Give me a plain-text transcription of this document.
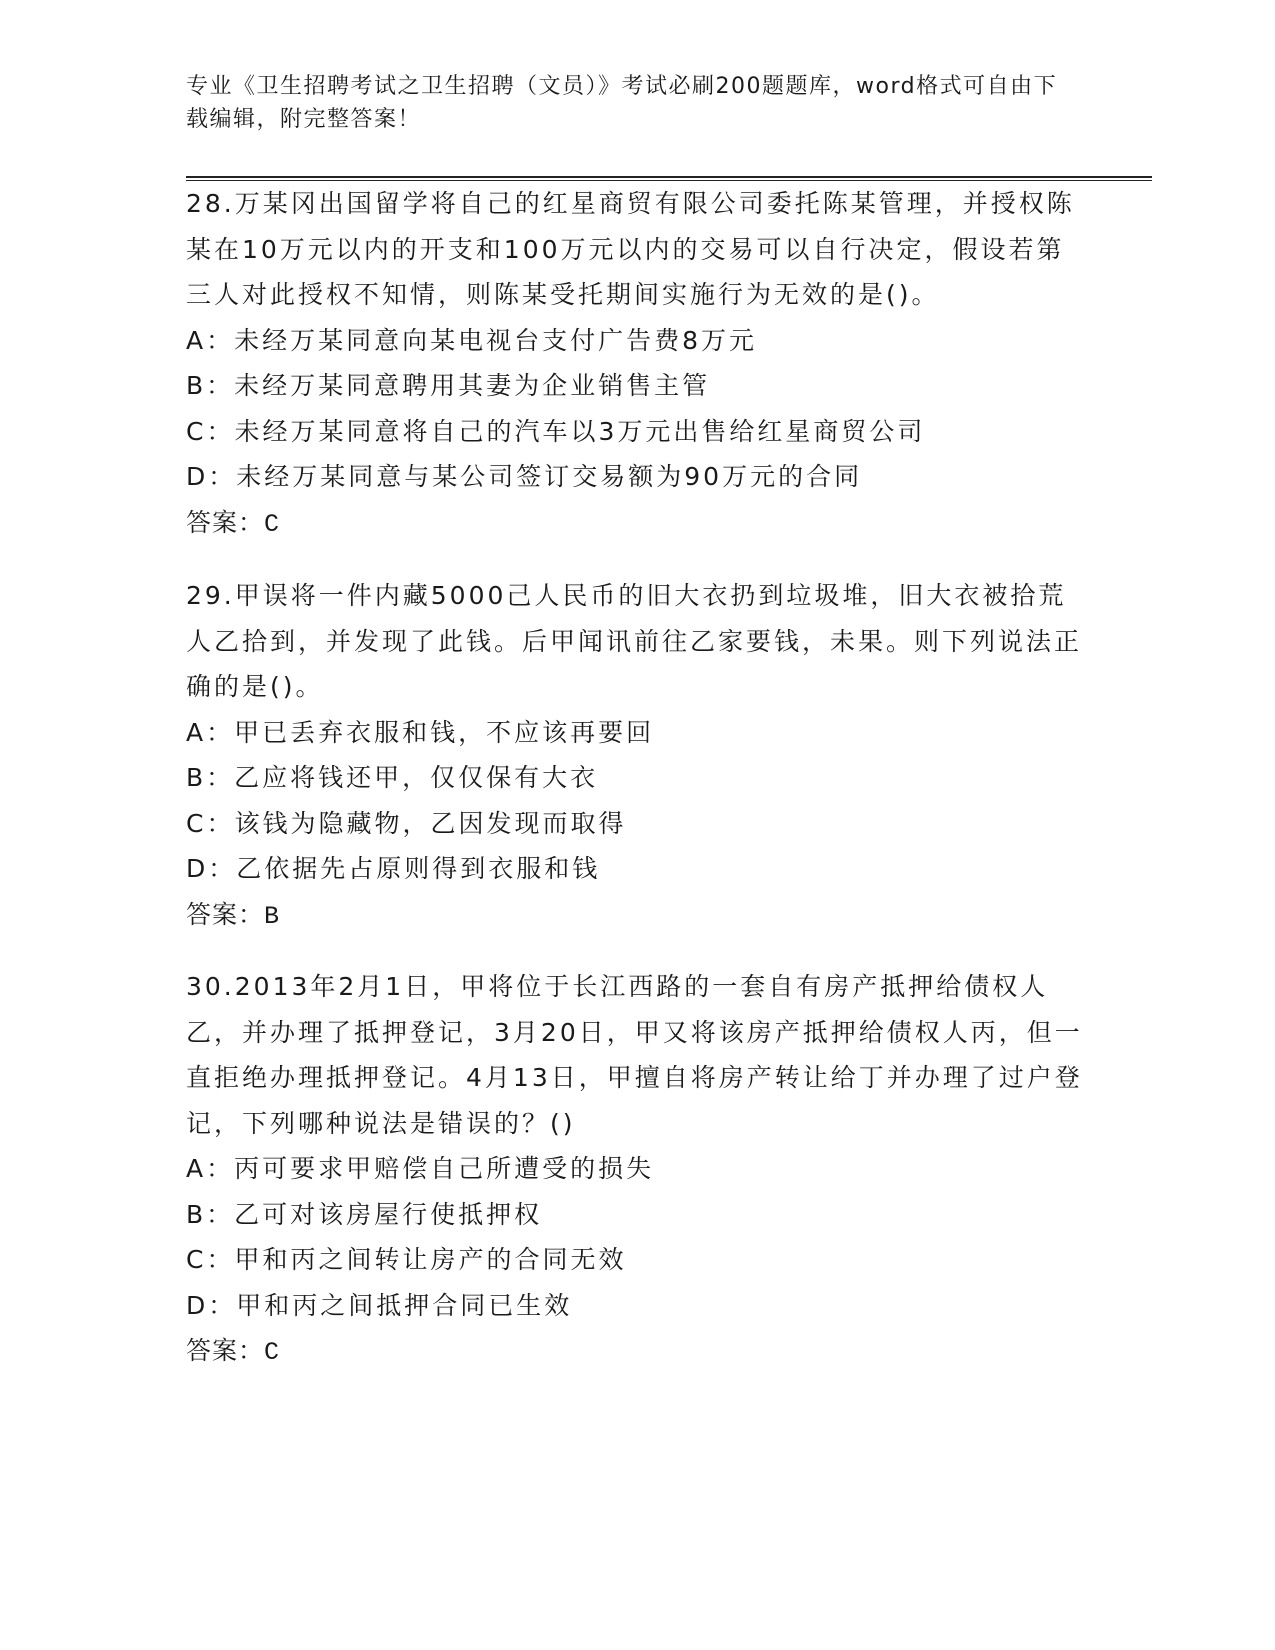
专业《卫生招聘考试之卫生招聘（文员）》考试必刷200题题库，word格式可自由下载编辑，附完整答案！
28.万某冈出国留学将自己的红星商贸有限公司委托陈某管理，并授权陈某在10万元以内的开支和100万元以内的交易可以自行决定，假设若第三人对此授权不知情，则陈某受托期间实施行为无效的是()。
A：未经万某同意向某电视台支付广告费8万元
B：未经万某同意聘用其妻为企业销售主管
C：未经万某同意将自己的汽车以3万元出售给红星商贸公司
D：未经万某同意与某公司签订交易额为90万元的合同
答案：C
29.甲误将一件内藏5000己人民币的旧大衣扔到垃圾堆，旧大衣被拾荒人乙拾到，并发现了此钱。后甲闻讯前往乙家要钱，未果。则下列说法正确的是()。
A：甲已丢弃衣服和钱，不应该再要回
B：乙应将钱还甲，仅仅保有大衣
C：该钱为隐藏物，乙因发现而取得
D：乙依据先占原则得到衣服和钱
答案：B
30.2013年2月1日，甲将位于长江西路的一套自有房产抵押给债权人乙，并办理了抵押登记，3月20日，甲又将该房产抵押给债权人丙，但一直拒绝办理抵押登记。4月13日，甲擅自将房产转让给丁并办理了过户登记，下列哪种说法是错误的？()
A：丙可要求甲赔偿自己所遭受的损失
B：乙可对该房屋行使抵押权
C：甲和丙之间转让房产的合同无效
D：甲和丙之间抵押合同已生效
答案：C
